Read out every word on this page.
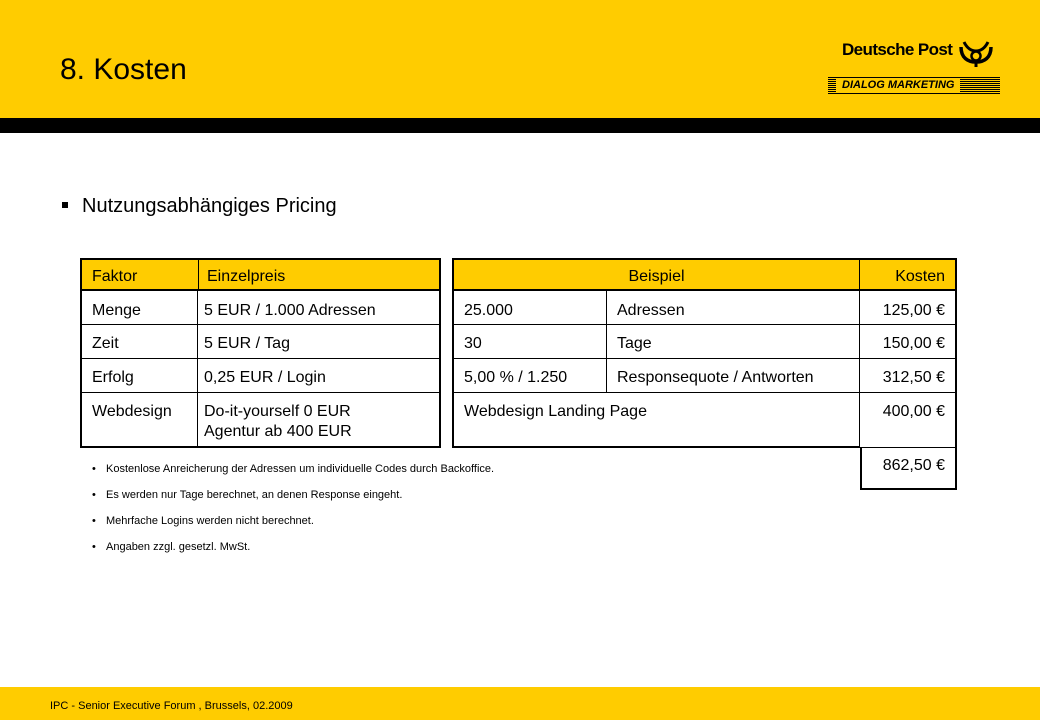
8. Kosten
Deutsche Post
DIALOG MARKETING
Nutzungsabhängiges Pricing
Faktor	Einzelpreis
Menge	5 EUR / 1.000 Adressen
Zeit	5 EUR / Tag
Erfolg	0,25 EUR / Login
Webdesign	Do-it-yourself 0 EUR
Agentur ab 400 EUR
Beispiel	Kosten
25.000	Adressen	125,00 €
30	Tage	150,00 €
5,00 % / 1.250	Responsequote / Antworten	312,50 €
Webdesign Landing Page	400,00 €
862,50 €
• Kostenlose Anreicherung der Adressen um individuelle Codes durch Backoffice.
• Es werden nur Tage berechnet, an denen Response eingeht.
• Mehrfache Logins werden nicht berechnet.
• Angaben zzgl. gesetzl. MwSt.
IPC - Senior Executive Forum , Brussels, 02.2009
